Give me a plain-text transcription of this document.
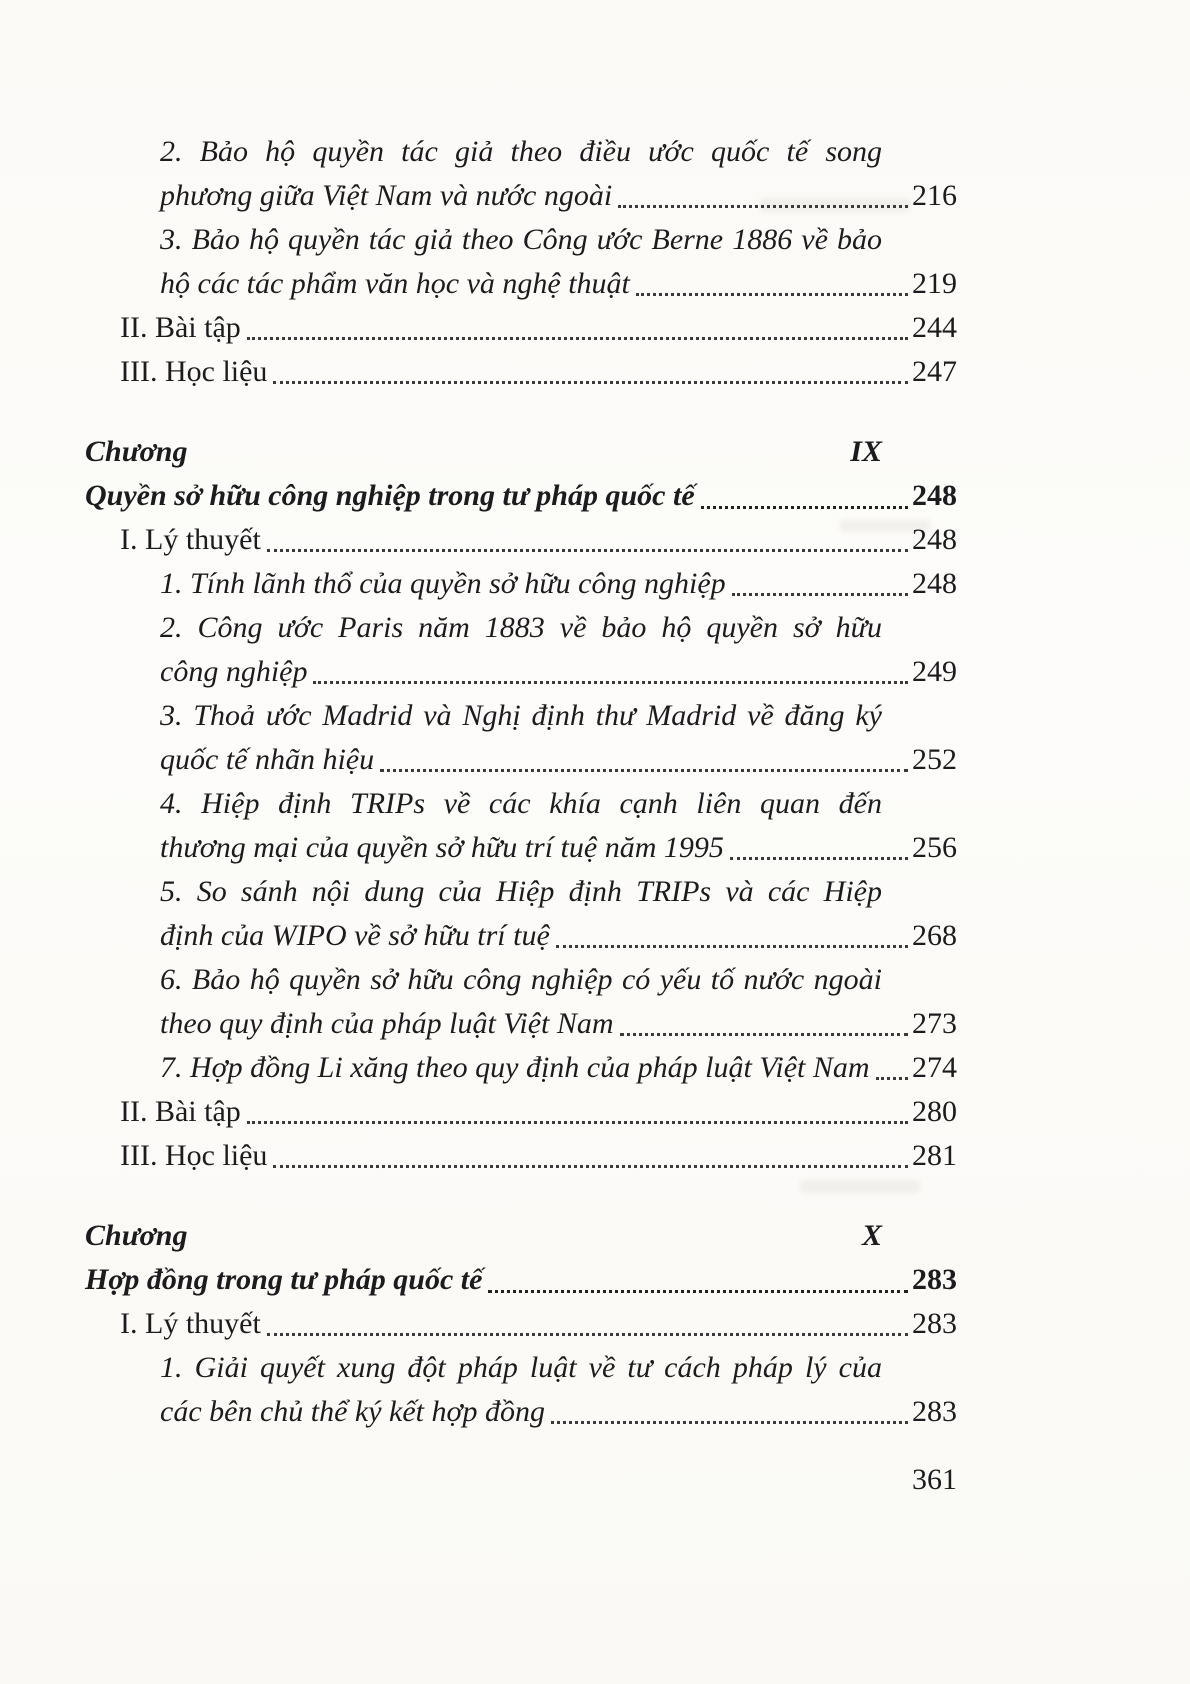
2. Bảo hộ quyền tác giả theo điều ước quốc tế song
phương giữa Việt Nam và nước ngoài	216
3. Bảo hộ quyền tác giả theo Công ước Berne 1886 về bảo
hộ các tác phẩm văn học và nghệ thuật	219
II. Bài tập	244
III. Học liệu	247
Chương IX
Quyền sở hữu công nghiệp trong tư pháp quốc tế	248
I. Lý thuyết	248
1. Tính lãnh thổ của quyền sở hữu công nghiệp	248
2. Công ước Paris năm 1883 về bảo hộ quyền sở hữu
công nghiệp	249
3. Thoả ước Madrid và Nghị định thư Madrid về đăng ký
quốc tế nhãn hiệu	252
4. Hiệp định TRIPs về các khía cạnh liên quan đến
thương mại của quyền sở hữu trí tuệ năm 1995	256
5. So sánh nội dung của Hiệp định TRIPs và các Hiệp
định của WIPO về sở hữu trí tuệ	268
6. Bảo hộ quyền sở hữu công nghiệp có yếu tố nước ngoài
theo quy định của pháp luật Việt Nam	273
7. Hợp đồng Li xăng theo quy định của pháp luật Việt Nam 274
II. Bài tập	280
III. Học liệu	281
Chương X
Hợp đồng trong tư pháp quốc tế	283
I. Lý thuyết	283
1. Giải quyết xung đột pháp luật về tư cách pháp lý của
các bên chủ thể ký kết hợp đồng	283
361
